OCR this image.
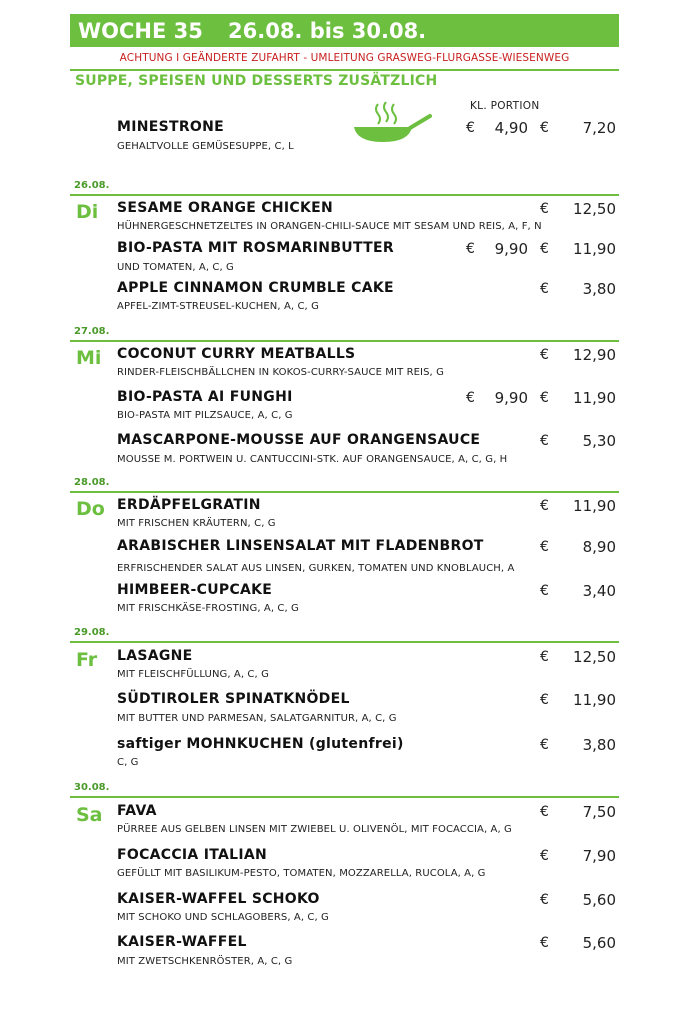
WOCHE 35	26.08. bis 30.08.
ACHTUNG I GEÄNDERTE ZUFAHRT - UMLEITUNG GRASWEG-FLURGASSE-WIESENWEG
SUPPE, SPEISEN UND DESSERTS ZUSÄTZLICH
KL. PORTION
MINESTRONE
GEHALTVOLLE GEMÜSESUPPE, C, L
€	4,90 €	7,20
26.08.
Di SESAME ORANGE CHICKEN
HÜHNERGESCHNETZELTES IN ORANGEN-CHILI-SAUCE MIT SESAM UND REIS, A, F, N
€	12,50
BIO-PASTA MIT ROSMARINBUTTER
UND TOMATEN, A, C, G
€	9,90 €	11,90
APPLE CINNAMON CRUMBLE CAKE
APFEL-ZIMT-STREUSEL-KUCHEN, A, C, G
€	3,80
27.08.
Mi COCONUT CURRY MEATBALLS
RINDER-FLEISCHBÄLLCHEN IN KOKOS-CURRY-SAUCE MIT REIS, G
€	12,90
BIO-PASTA AI FUNGHI
BIO-PASTA MIT PILZSAUCE, A, C, G
€	9,90 €	11,90
MASCARPONE-MOUSSE AUF ORANGENSAUCE
MOUSSE M. PORTWEIN U. CANTUCCINI-STK. AUF ORANGENSAUCE, A, C, G, H
€	5,30
28.08.
Do ERDÄPFELGRATIN
MIT FRISCHEN KRÄUTERN, C, G
€	11,90
ARABISCHER LINSENSALAT MIT FLADENBROT
ERFRISCHENDER SALAT AUS LINSEN, GURKEN, TOMATEN UND KNOBLAUCH, A
€	8,90
HIMBEER-CUPCAKE
MIT FRISCHKÄSE-FROSTING, A, C, G
€	3,40
29.08.
Fr LASAGNE
MIT FLEISCHFÜLLUNG, A, C, G
€	12,50
SÜDTIROLER SPINATKNÖDEL
MIT BUTTER UND PARMESAN, SALATGARNITUR, A, C, G
€	11,90
saftiger MOHNKUCHEN (glutenfrei)
C, G
€	3,80
30.08.
Sa FAVA
PÜRREE AUS GELBEN LINSEN MIT ZWIEBEL U. OLIVENÖL, MIT FOCACCIA, A, G
€	7,50
FOCACCIA ITALIAN
GEFÜLLT MIT BASILIKUM-PESTO, TOMATEN, MOZZARELLA, RUCOLA, A, G
€	7,90
KAISER-WAFFEL SCHOKO
MIT SCHOKO UND SCHLAGOBERS, A, C, G
€	5,60
KAISER-WAFFEL
MIT ZWETSCHKENRÖSTER, A, C, G
€	5,60
